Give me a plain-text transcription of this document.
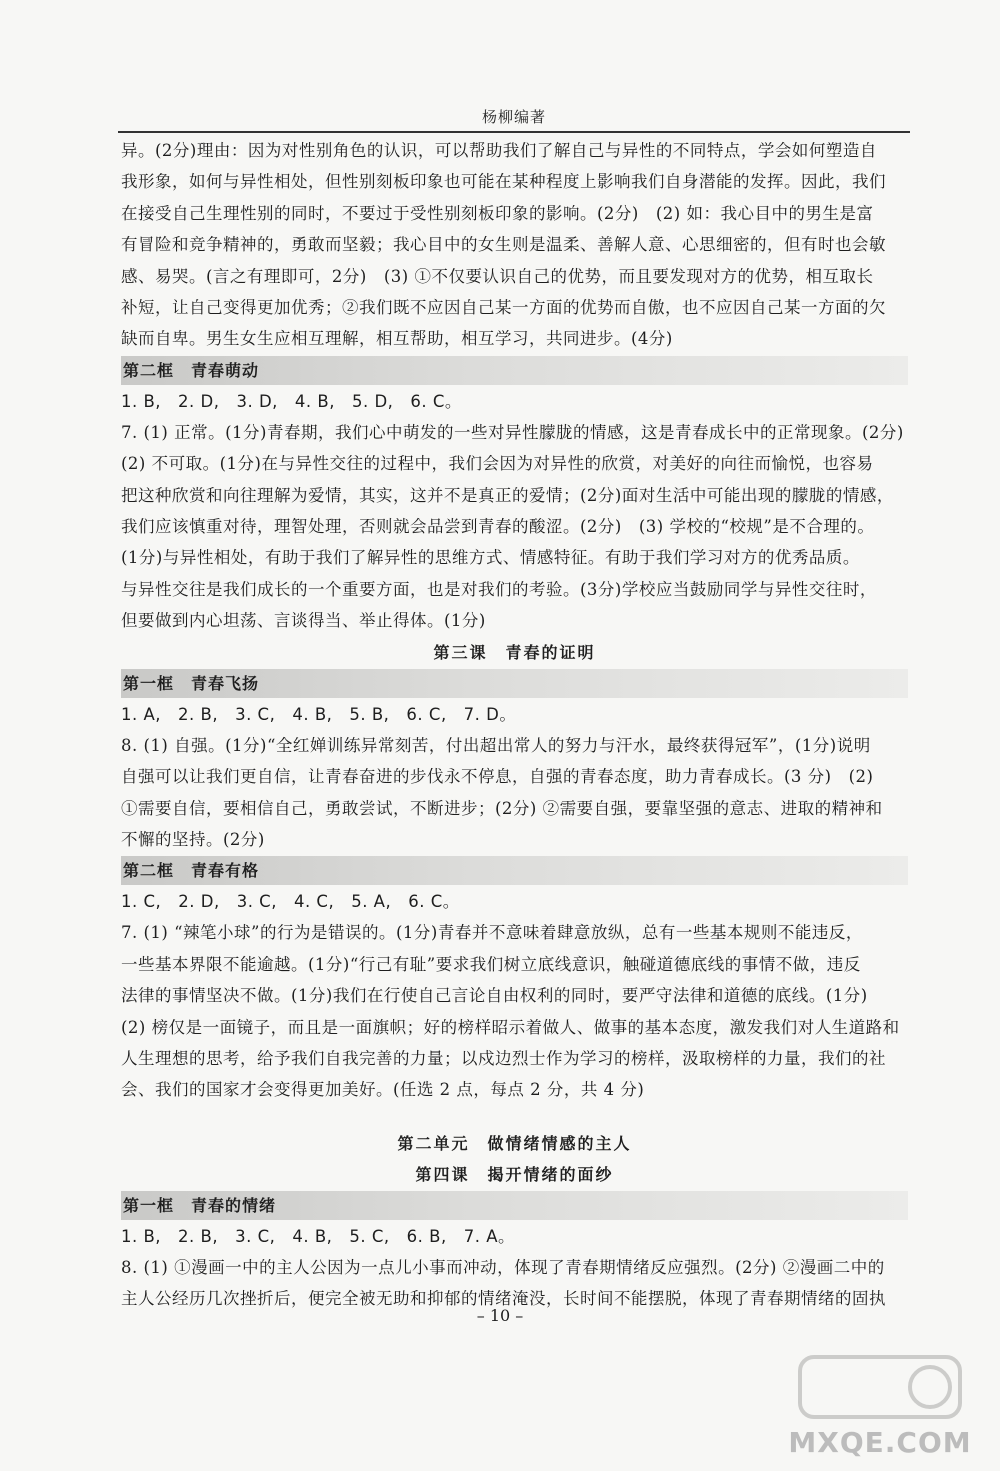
杨柳编著
异。(2分)理由：因为对性别角色的认识，可以帮助我们了解自己与异性的不同特点，学会如何塑造自
我形象，如何与异性相处，但性别刻板印象也可能在某种程度上影响我们自身潜能的发挥。因此，我们
在接受自己生理性别的同时，不要过于受性别刻板印象的影响。(2分)　(2) 如：我心目中的男生是富
有冒险和竞争精神的，勇敢而坚毅；我心目中的女生则是温柔、善解人意、心思细密的，但有时也会敏
感、易哭。(言之有理即可，2分)　(3) ①不仅要认识自己的优势，而且要发现对方的优势，相互取长
补短，让自己变得更加优秀；②我们既不应因自己某一方面的优势而自傲，也不应因自己某一方面的欠
缺而自卑。男生女生应相互理解，相互帮助，相互学习，共同进步。(4分)
第二框　青春萌动
1. B,　2. D,　3. D,　4. B,　5. D,　6. C。
7. (1) 正常。(1分)青春期，我们心中萌发的一些对异性朦胧的情感，这是青春成长中的正常现象。(2分)
(2) 不可取。(1分)在与异性交往的过程中，我们会因为对异性的欣赏，对美好的向往而愉悦，也容易
把这种欣赏和向往理解为爱情，其实，这并不是真正的爱情；(2分)面对生活中可能出现的朦胧的情感，
我们应该慎重对待，理智处理，否则就会品尝到青春的酸涩。(2分)　(3) 学校的“校规”是不合理的。
(1分)与异性相处，有助于我们了解异性的思维方式、情感特征。有助于我们学习对方的优秀品质。
与异性交往是我们成长的一个重要方面，也是对我们的考验。(3分)学校应当鼓励同学与异性交往时，
但要做到内心坦荡、言谈得当、举止得体。(1分)
第三课　青春的证明
第一框　青春飞扬
1. A,　2. B,　3. C,　4. B,　5. B,　6. C,　7. D。
8. (1) 自强。(1分)“全红婵训练异常刻苦，付出超出常人的努力与汗水，最终获得冠军”，(1分)说明
自强可以让我们更自信，让青春奋进的步伐永不停息，自强的青春态度，助力青春成长。(3 分)　(2)
①需要自信，要相信自己，勇敢尝试，不断进步；(2分) ②需要自强，要靠坚强的意志、进取的精神和
不懈的坚持。(2分)
第二框　青春有格
1. C,　2. D,　3. C,　4. C,　5. A,　6. C。
7. (1) “辣笔小球”的行为是错误的。(1分)青春并不意味着肆意放纵，总有一些基本规则不能违反，
一些基本界限不能逾越。(1分)“行己有耻”要求我们树立底线意识，触碰道德底线的事情不做，违反
法律的事情坚决不做。(1分)我们在行使自己言论自由权利的同时，要严守法律和道德的底线。(1分)
(2) 榜仅是一面镜子，而且是一面旗帜；好的榜样昭示着做人、做事的基本态度，激发我们对人生道路和
人生理想的思考，给予我们自我完善的力量；以戍边烈士作为学习的榜样，汲取榜样的力量，我们的社
会、我们的国家才会变得更加美好。(任选 2 点，每点 2 分，共 4 分)
第二单元　做情绪情感的主人
第四课　揭开情绪的面纱
第一框　青春的情绪
1. B,　2. B,　3. C,　4. B,　5. C,　6. B,　7. A。
8. (1) ①漫画一中的主人公因为一点儿小事而冲动，体现了青春期情绪反应强烈。(2分) ②漫画二中的
主人公经历几次挫折后，便完全被无助和抑郁的情绪淹没，长时间不能摆脱，体现了青春期情绪的固执
– 10 –
MXQE.COM
